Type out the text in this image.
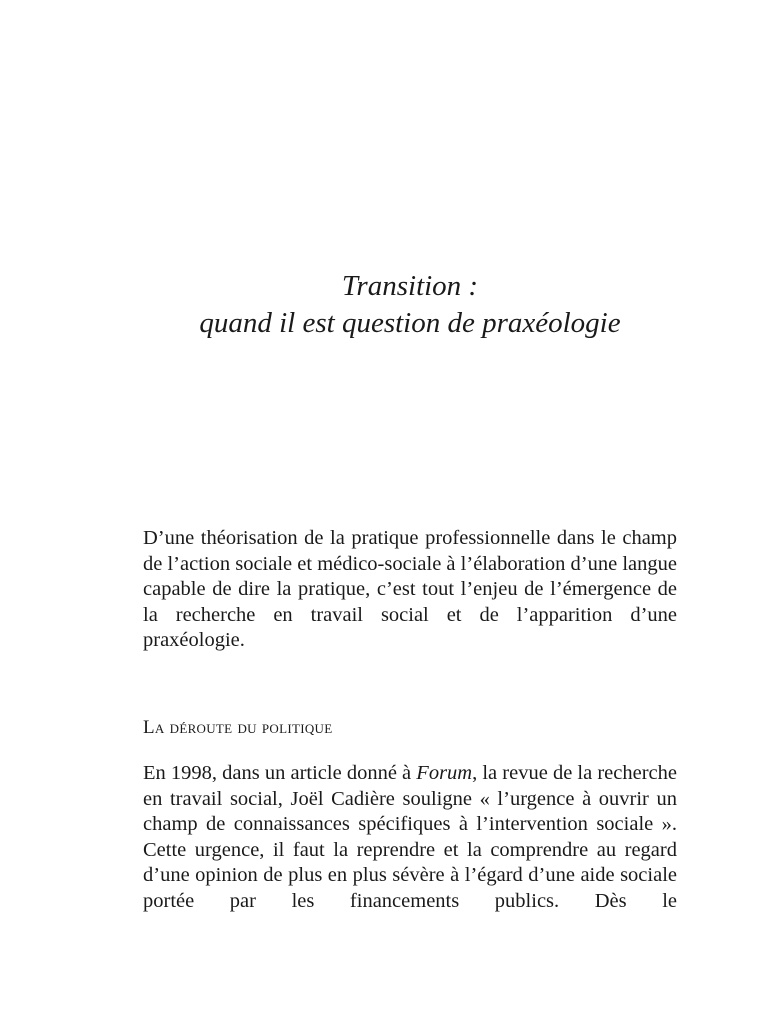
Transition :
quand il est question de praxéologie

D’une théorisation de la pratique professionnelle dans le champ de l’action sociale et médico-sociale à l’élaboration d’une langue capable de dire la pratique, c’est tout l’enjeu de l’émergence de la recherche en travail social et de l’apparition d’une praxéologie.

La déroute du politique

En 1998, dans un article donné à Forum, la revue de la recherche en travail social, Joël Cadière souligne « l’urgence à ouvrir un champ de connaissances spécifiques à l’intervention sociale ». Cette urgence, il faut la reprendre et la comprendre au regard d’une opinion de plus en plus sévère à l’égard d’une aide sociale portée par les financements publics. Dès le
